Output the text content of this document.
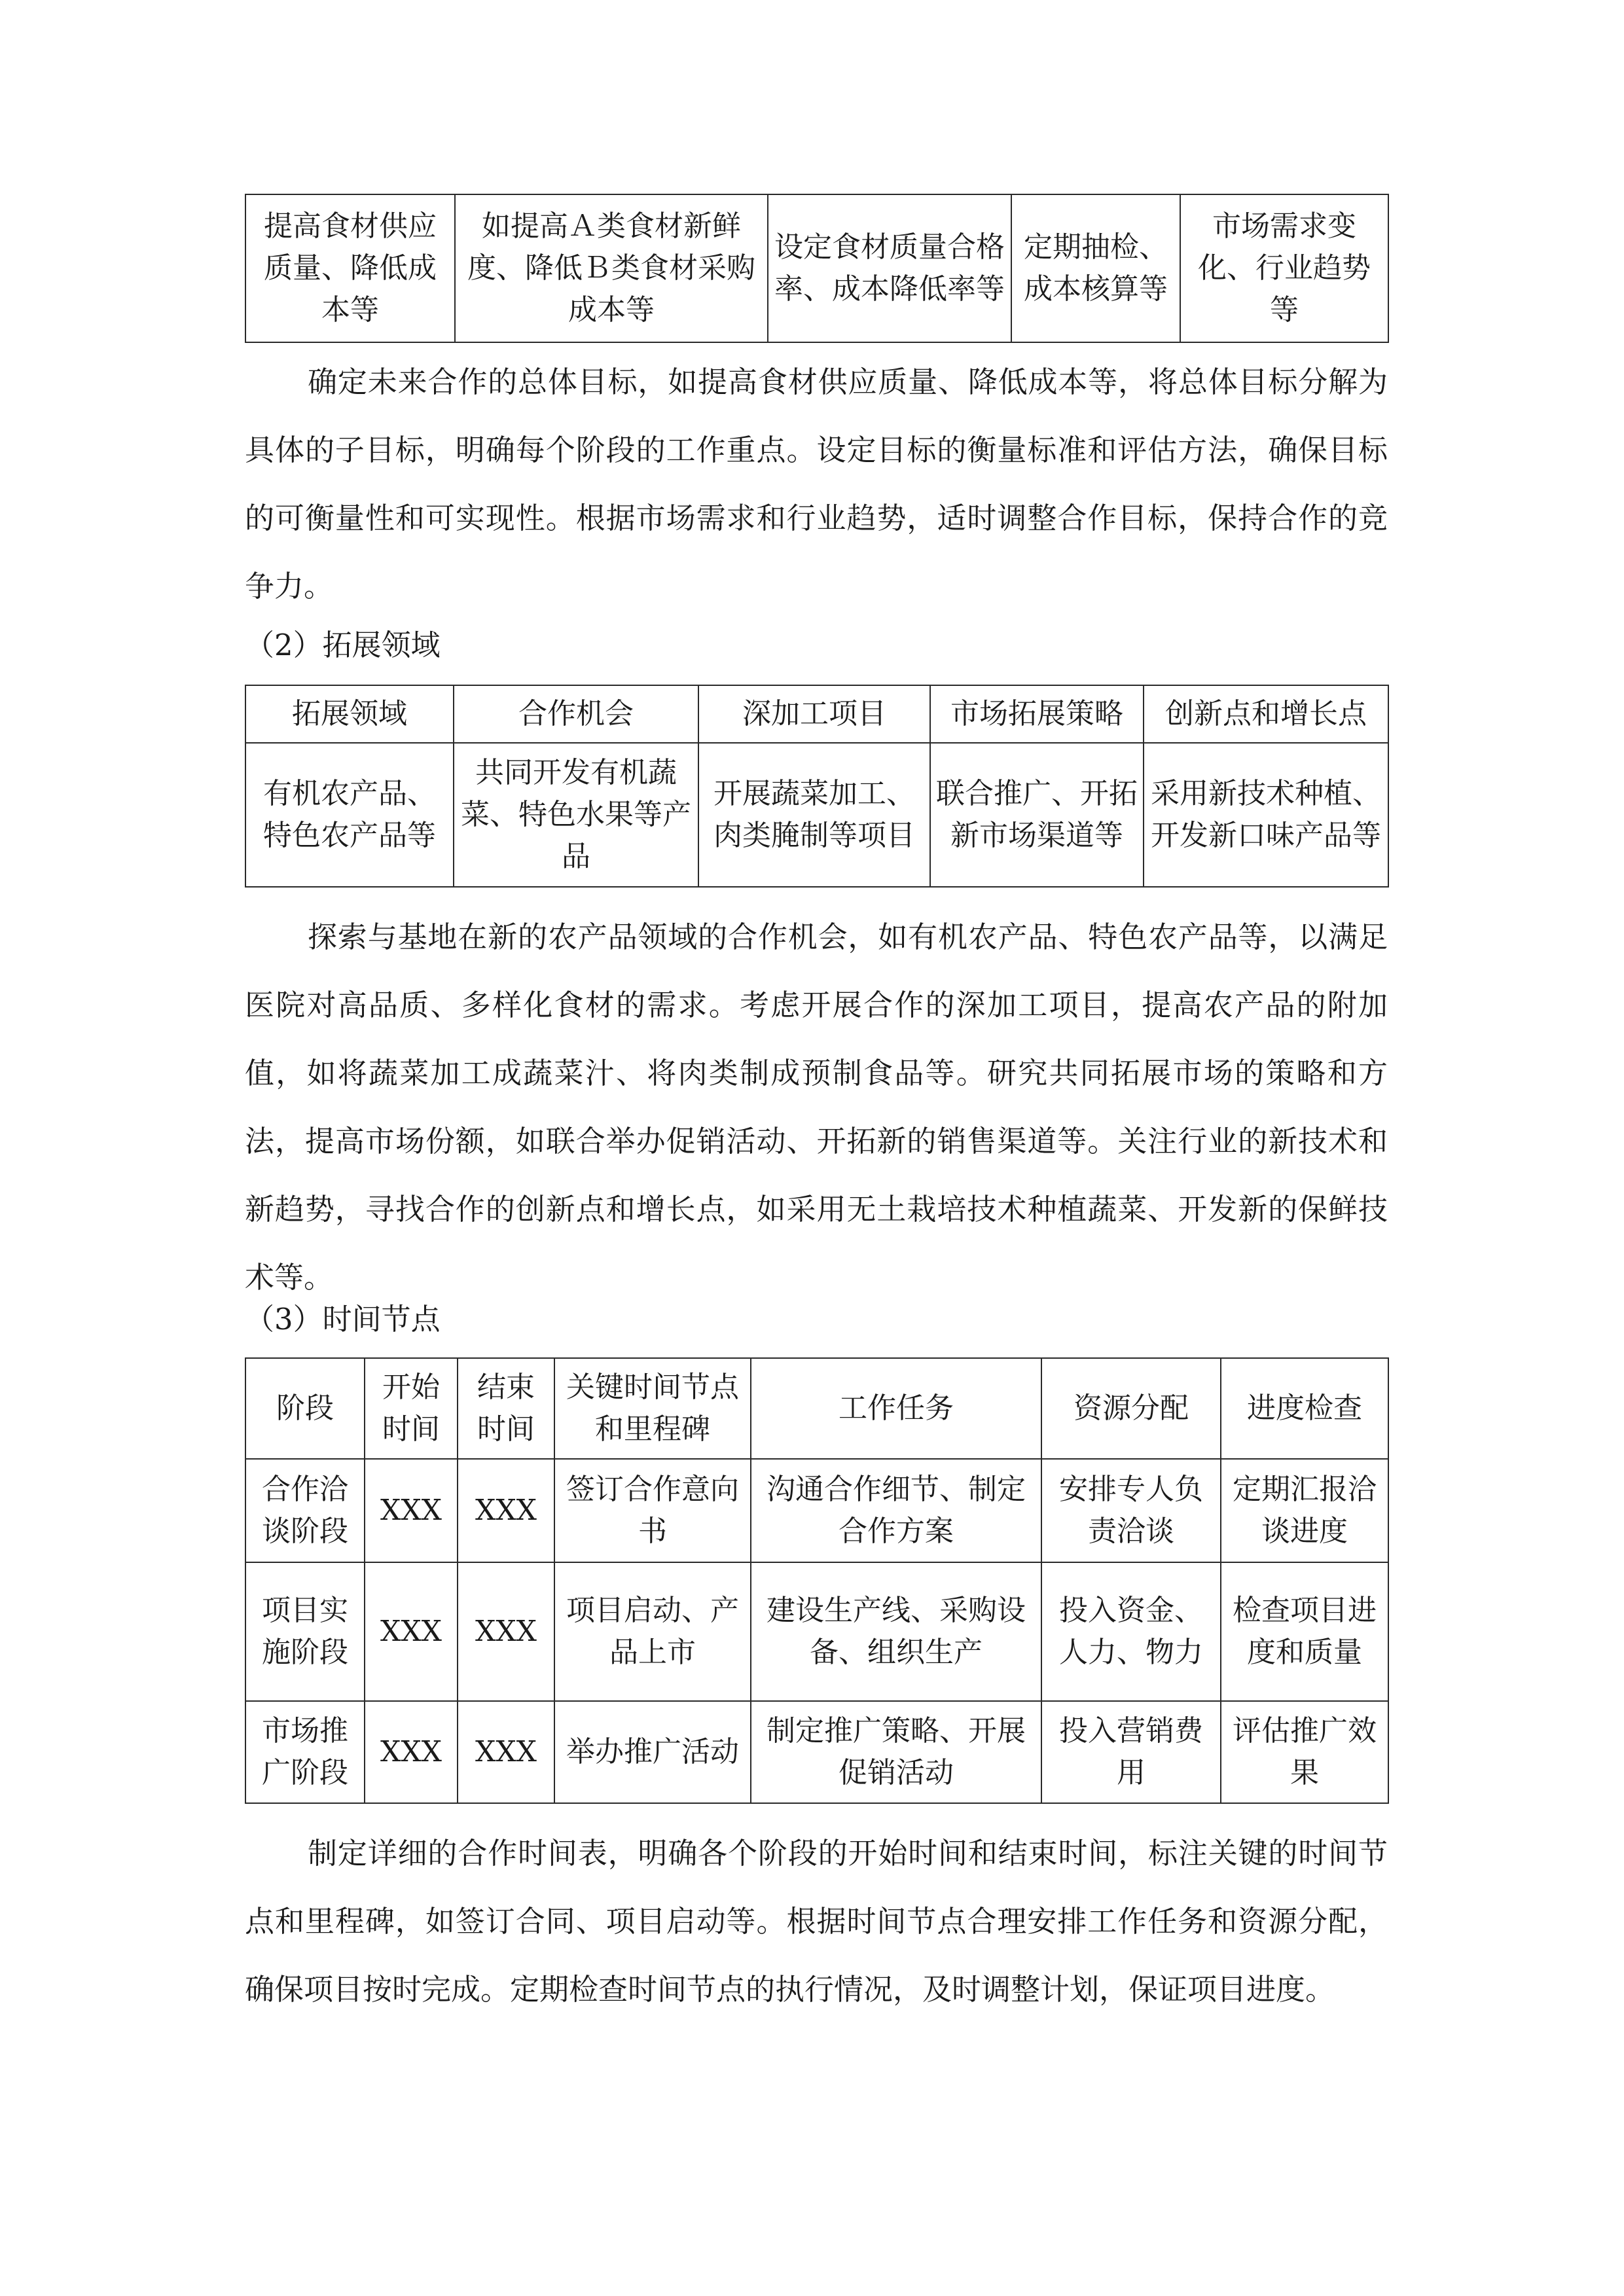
提高食材供应质量、降低成本等	如提高Ａ类食材新鲜度、降低Ｂ类食材采购成本等	设定食材质量合格率、成本降低率等	定期抽检、成本核算等	市场需求变化、行业趋势等

确定未来合作的总体目标，如提高食材供应质量、降低成本等，将总体目标分解为具体的子目标，明确每个阶段的工作重点。设定目标的衡量标准和评估方法，确保目标的可衡量性和可实现性。根据市场需求和行业趋势，适时调整合作目标，保持合作的竞争力。

（2）拓展领域
拓展领域	合作机会	深加工项目	市场拓展策略	创新点和增长点
有机农产品、特色农产品等	共同开发有机蔬菜、特色水果等产品	开展蔬菜加工、肉类腌制等项目	联合推广、开拓新市场渠道等	采用新技术种植、开发新口味产品等

探索与基地在新的农产品领域的合作机会，如有机农产品、特色农产品等，以满足医院对高品质、多样化食材的需求。考虑开展合作的深加工项目，提高农产品的附加值，如将蔬菜加工成蔬菜汁、将肉类制成预制食品等。研究共同拓展市场的策略和方法，提高市场份额，如联合举办促销活动、开拓新的销售渠道等。关注行业的新技术和新趋势，寻找合作的创新点和增长点，如采用无土栽培技术种植蔬菜、开发新的保鲜技术等。

（3）时间节点
阶段	开始时间	结束时间	关键时间节点和里程碑	工作任务	资源分配	进度检查
合作洽谈阶段	XXX	XXX	签订合作意向书	沟通合作细节、制定合作方案	安排专人负责洽谈	定期汇报洽谈进度
项目实施阶段	XXX	XXX	项目启动、产品上市	建设生产线、采购设备、组织生产	投入资金、人力、物力	检查项目进度和质量
市场推广阶段	XXX	XXX	举办推广活动	制定推广策略、开展促销活动	投入营销费用	评估推广效果

制定详细的合作时间表，明确各个阶段的开始时间和结束时间，标注关键的时间节点和里程碑，如签订合同、项目启动等。根据时间节点合理安排工作任务和资源分配，确保项目按时完成。定期检查时间节点的执行情况，及时调整计划，保证项目进度。
